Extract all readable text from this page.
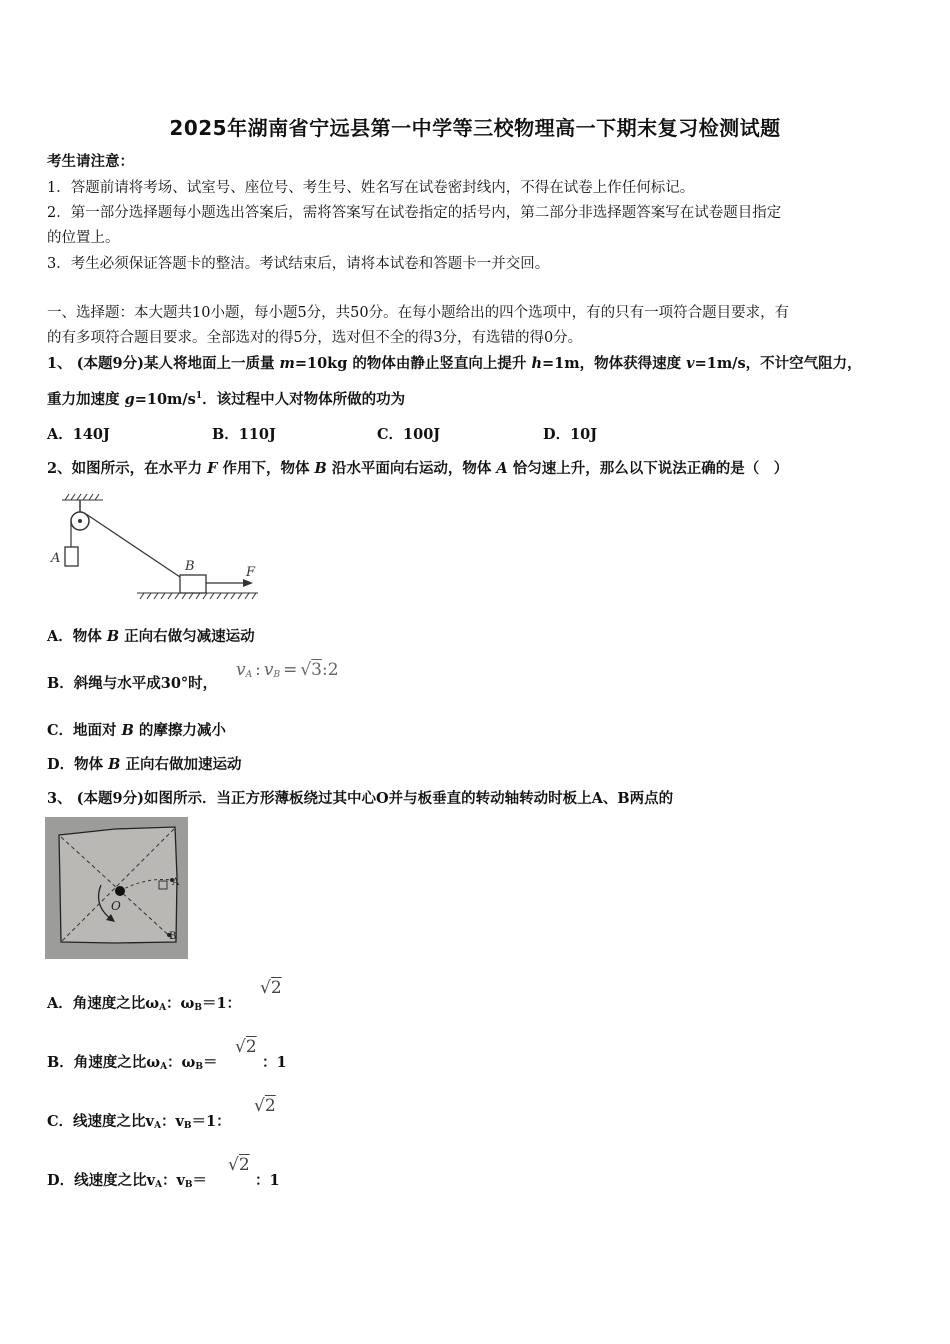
2025年湖南省宁远县第一中学等三校物理高一下期末复习检测试题
考生请注意：
1．答题前请将考场、试室号、座位号、考生号、姓名写在试卷密封线内，不得在试卷上作任何标记。
2．第一部分选择题每小题选出答案后，需将答案写在试卷指定的括号内，第二部分非选择题答案写在试卷题目指定
的位置上。
3．考生必须保证答题卡的整洁。考试结束后，请将本试卷和答题卡一并交回。
一、选择题：本大题共10小题，每小题5分，共50分。在每小题给出的四个选项中，有的只有一项符合题目要求，有
的有多项符合题目要求。全部选对的得5分，选对但不全的得3分，有选错的得0分。
1、 (本题9分)某人将地面上一质量 m=10kg 的物体由静止竖直向上提升 h=1m，物体获得速度 v=1m/s，不计空气阻力，
重力加速度 $g=10m/s^1$．该过程中人对物体所做的功为
A．140J	B．110J	C．100J	D．10J
2、如图所示，在水平力 F 作用下，物体 B 沿水平面向右运动，物体 A 恰匀速上升，那么以下说法正确的是（　）
A
B	F
A．物体 B 正向右做匀减速运动
B．斜绳与水平成30°时，
$v_A$ : $v_B$ = √3:2
C．地面对 B 的摩擦力减小
D．物体 B 正向右做加速运动
3、 (本题9分)如图所示．当正方形薄板绕过其中心O并与板垂直的转动轴转动时板上A、B两点的
O
A
B
A．角速度之比$\omega_A$：$\omega_B=1$：
√2
B．角速度之比$\omega_A$：$\omega_B=$
√2
：1
C．线速度之比$v_A$：$v_B=1$：
√2
D．线速度之比$v_A$：$v_B=$
√2
：1
